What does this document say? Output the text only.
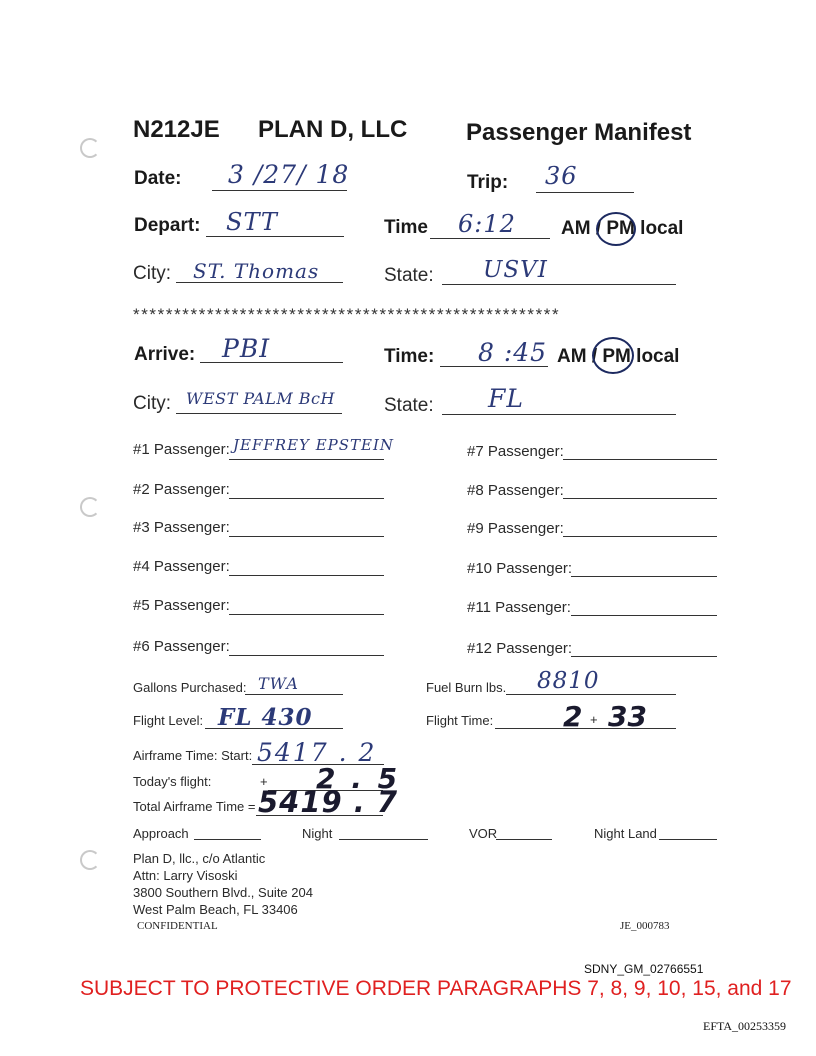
N212JE PLAN D, LLC Passenger Manifest
Date: 3 /27/ 18	Trip: 36
Depart: STT	Time 6:12 AM / PM local
City: ST. Thomas	State: USVI
****************************************************
Arrive: PBI	Time: 8 :45 AM / PM local
City: WEST PALM BcH	State: FL
#1 Passenger: JEFFREY EPSTEIN
#2 Passenger:
#3 Passenger:
#4 Passenger:
#5 Passenger:
#6 Passenger:
#7 Passenger:
#8 Passenger:
#9 Passenger:
#10 Passenger:
#11 Passenger:
#12 Passenger:
Gallons Purchased: TWA	Fuel Burn lbs. 8810
Flight Level: FL 430	Flight Time: 2 + 33
Airframe Time: Start: 5417 . 2
Today's flight:	+ 2 . 5
Total Airframe Time = 5419 . 7
Approach	Night	VOR	Night Land
Plan D, llc., c/o Atlantic
Attn: Larry Visoski
3800 Southern Blvd., Suite 204
West Palm Beach, FL 33406
CONFIDENTIAL	JE_000783
SDNY_GM_02766551
SUBJECT TO PROTECTIVE ORDER PARAGRAPHS 7, 8, 9, 10, 15, and 17
EFTA_00253359
